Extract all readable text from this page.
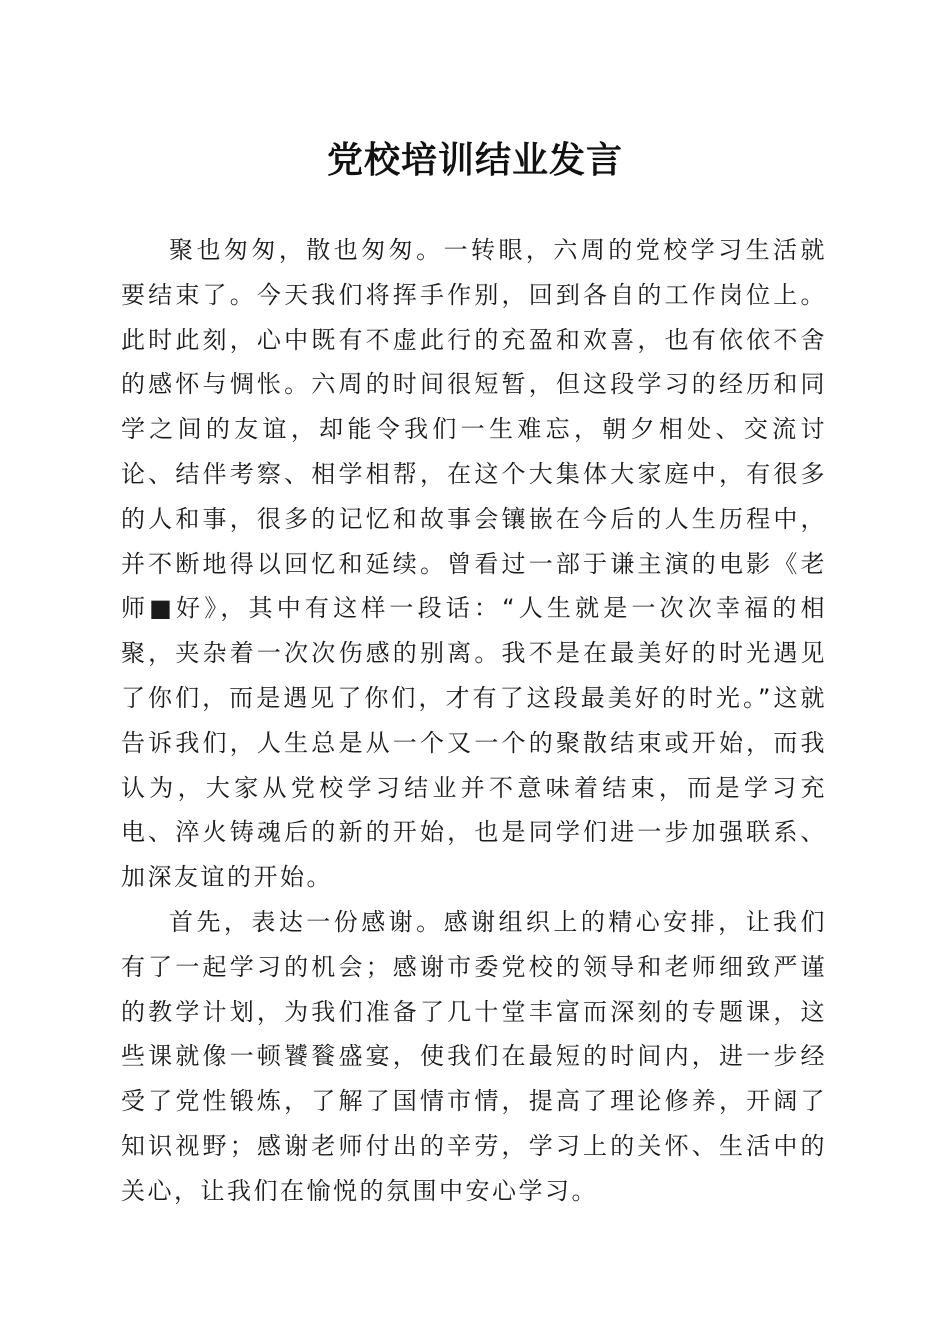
党校培训结业发言

聚也匆匆，散也匆匆。一转眼，六周的党校学习生活就要结束了。今天我们将挥手作别，回到各自的工作岗位上。此时此刻，心中既有不虚此行的充盈和欢喜，也有依依不舍的感怀与惆怅。六周的时间很短暂，但这段学习的经历和同学之间的友谊，却能令我们一生难忘，朝夕相处、交流讨论、结伴考察、相学相帮，在这个大集体大家庭中，有很多的人和事，很多的记忆和故事会镶嵌在今后的人生历程中，并不断地得以回忆和延续。曾看过一部于谦主演的电影《老师■好》，其中有这样一段话：“人生就是一次次幸福的相聚，夹杂着一次次伤感的别离。我不是在最美好的时光遇见了你们，而是遇见了你们，才有了这段最美好的时光。”这就告诉我们，人生总是从一个又一个的聚散结束或开始，而我认为，大家从党校学习结业并不意味着结束，而是学习充电、淬火铸魂后的新的开始，也是同学们进一步加强联系、加深友谊的开始。

首先，表达一份感谢。感谢组织上的精心安排，让我们有了一起学习的机会；感谢市委党校的领导和老师细致严谨的教学计划，为我们准备了几十堂丰富而深刻的专题课，这些课就像一顿饕餮盛宴，使我们在最短的时间内，进一步经受了党性锻炼，了解了国情市情，提高了理论修养，开阔了知识视野；感谢老师付出的辛劳，学习上的关怀、生活中的关心，让我们在愉悦的氛围中安心学习。
